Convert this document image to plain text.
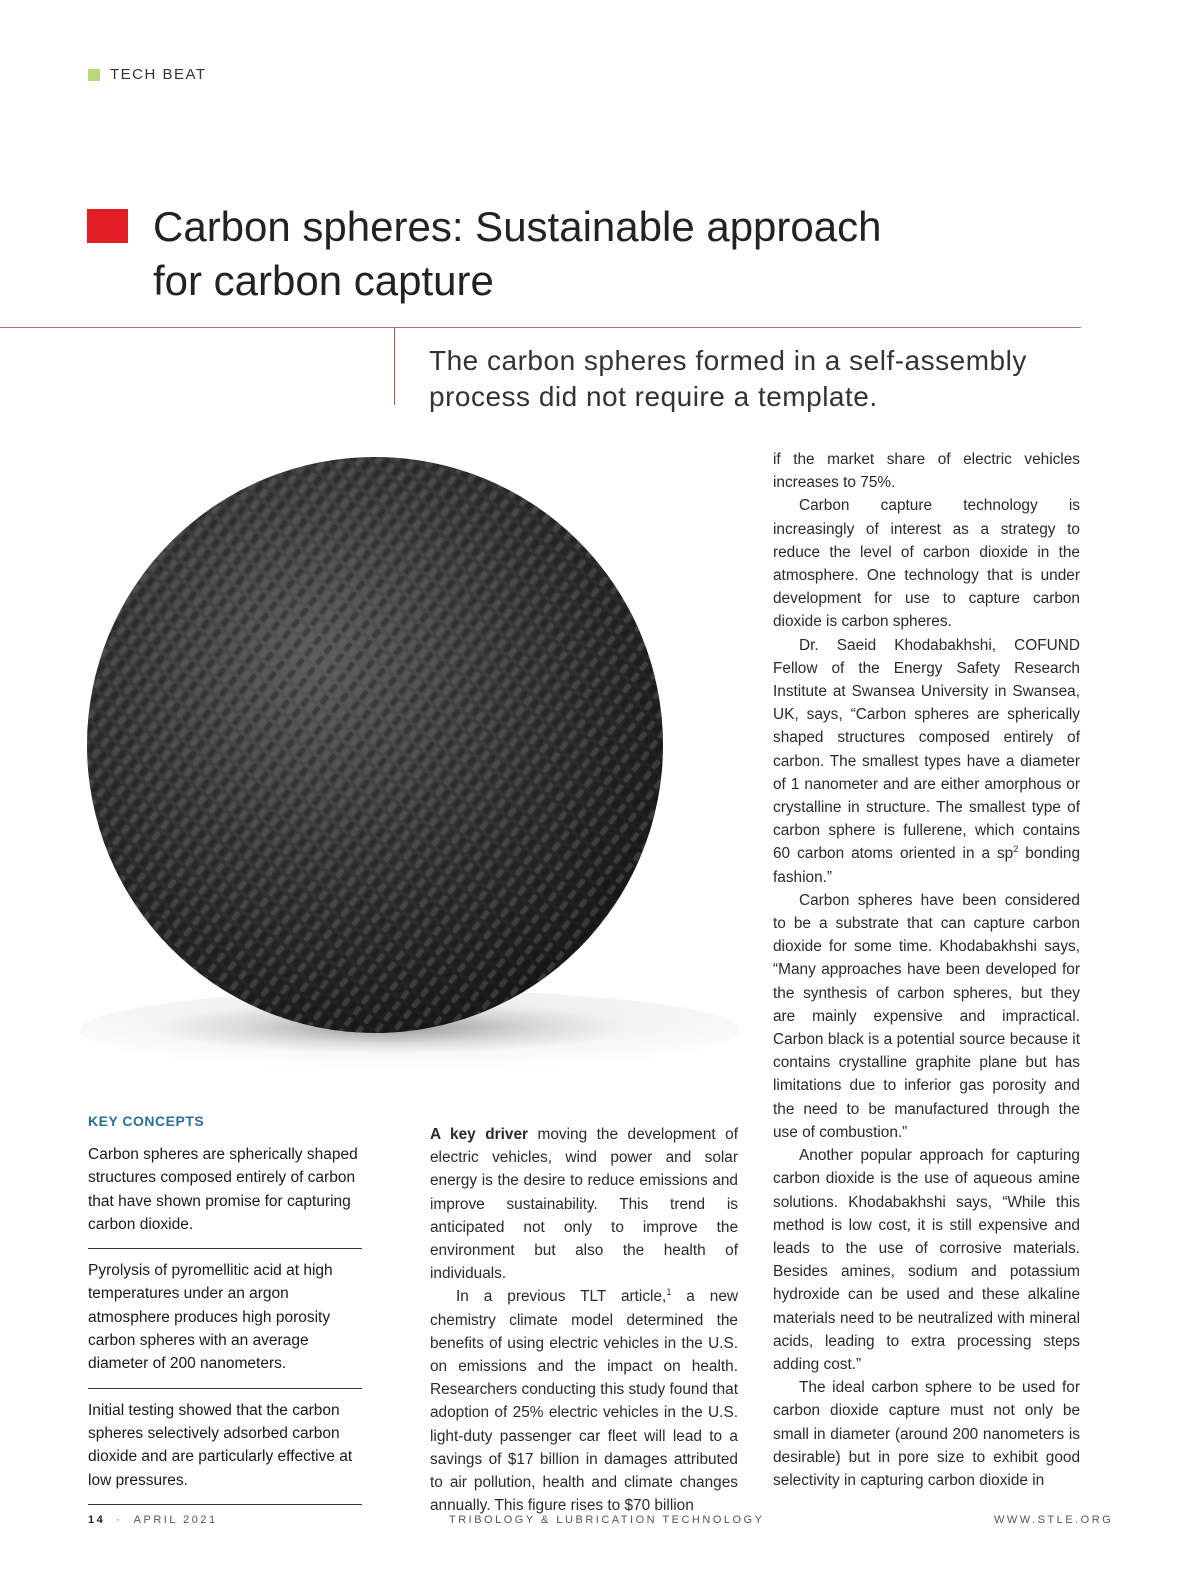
TECH BEAT
Carbon spheres: Sustainable approach
for carbon capture

The carbon spheres formed in a self-assembly
process did not require a template.

KEY CONCEPTS
Carbon spheres are spherically shaped structures composed entirely of carbon that have shown promise for capturing carbon dioxide.
Pyrolysis of pyromellitic acid at high temperatures under an argon atmosphere produces high porosity carbon spheres with an average diameter of 200 nanometers.
Initial testing showed that the carbon spheres selectively adsorbed carbon dioxide and are particularly effective at low pressures.

A key driver moving the development of electric vehicles, wind power and solar energy is the desire to reduce emissions and improve sustainability. This trend is anticipated not only to improve the environment but also the health of individuals.

In a previous TLT article,$^1$ a new chemistry climate model determined the benefits of using electric vehicles in the U.S. on emissions and the impact on health. Researchers conducting this study found that adoption of 25% electric vehicles in the U.S. light-duty passenger car fleet will lead to a savings of $17 billion in damages attributed to air pollution, health and climate changes annually. This figure rises to $70 billion

if the market share of electric vehicles increases to 75%.

Carbon capture technology is increasingly of interest as a strategy to reduce the level of carbon dioxide in the atmosphere. One technology that is under development for use to capture carbon dioxide is carbon spheres.

Dr. Saeid Khodabakhshi, COFUND Fellow of the Energy Safety Research Institute at Swansea University in Swansea, UK, says, “Carbon spheres are spherically shaped structures composed entirely of carbon. The smallest types have a diameter of 1 nanometer and are either amorphous or crystalline in structure. The smallest type of carbon sphere is fullerene, which contains 60 carbon atoms oriented in a $sp^2$ bonding fashion.”

Carbon spheres have been considered to be a substrate that can capture carbon dioxide for some time. Khodabakhshi says, “Many approaches have been developed for the synthesis of carbon spheres, but they are mainly expensive and impractical. Carbon black is a potential source because it contains crystalline graphite plane but has limitations due to inferior gas porosity and the need to be manufactured through the use of combustion.”

Another popular approach for capturing carbon dioxide is the use of aqueous amine solutions. Khodabakhshi says, “While this method is low cost, it is still expensive and leads to the use of corrosive materials. Besides amines, sodium and potassium hydroxide can be used and these alkaline materials need to be neutralized with mineral acids, leading to extra processing steps adding cost.”

The ideal carbon sphere to be used for carbon dioxide capture must not only be small in diameter (around 200 nanometers is desirable) but in pore size to exhibit good selectivity in capturing carbon dioxide in

14 · APRIL 2021	TRIBOLOGY & LUBRICATION TECHNOLOGY	WWW.STLE.ORG
